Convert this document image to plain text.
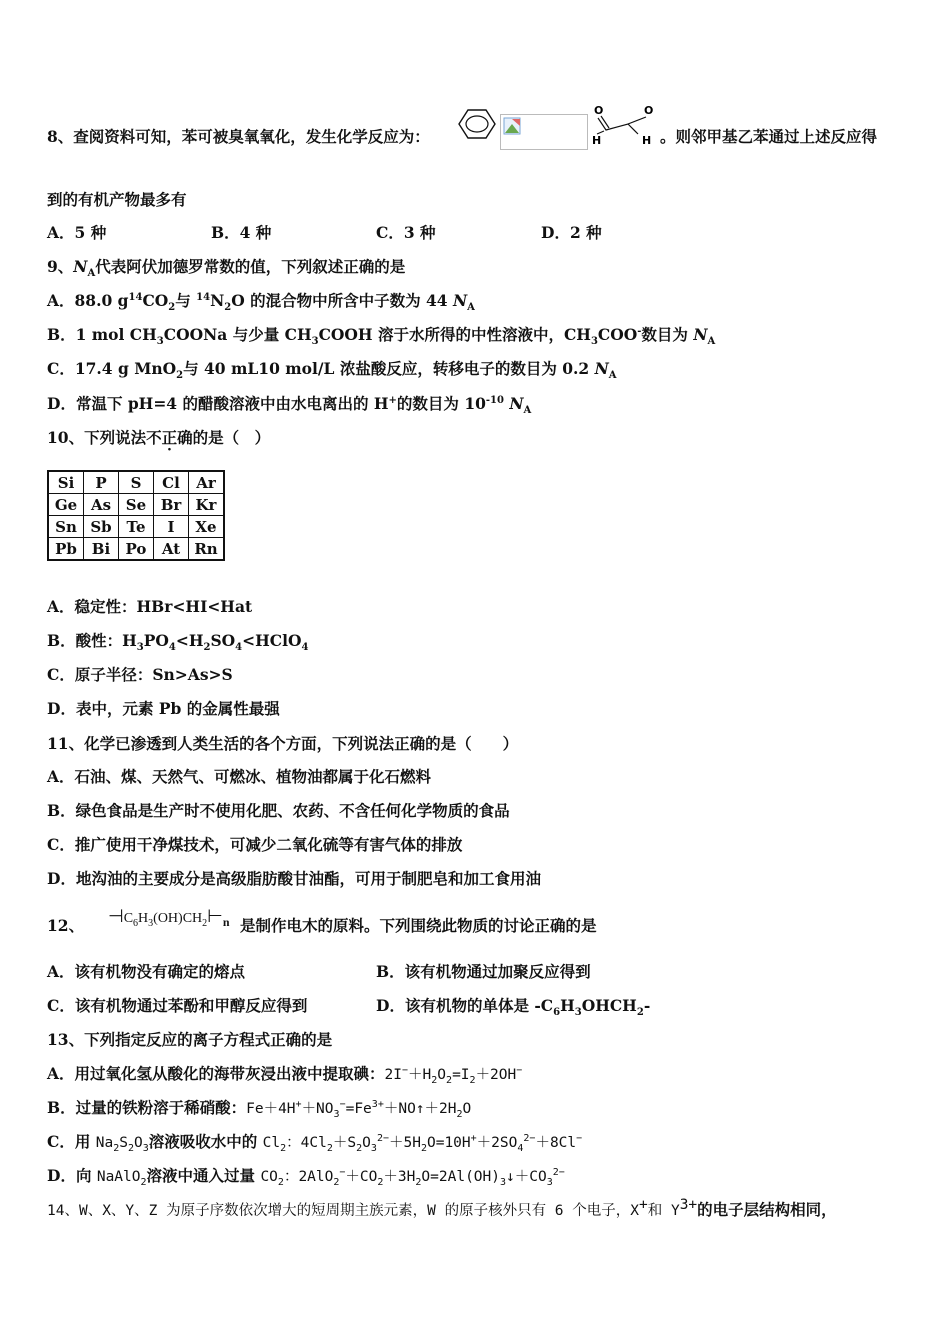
8、查阅资料可知，苯可被臭氧氧化，发生化学反应为：
O	O
H	H 。则邻甲基乙苯通过上述反应得
到的有机产物最多有
A．5 种	B．4 种	C．3 种	D．2 种
9、$N_A$代表阿伏加德罗常数的值，下列叙述正确的是
A．88.0 $g^{14}CO_2$与 $^{14}N_2O$ 的混合物中所含中子数为 44 $N_A$
B．1 mol $CH_3COONa$ 与少量 $CH_3COOH$ 溶于水所得的中性溶液中，$CH_3COO^-$数目为 $N_A$
C．17.4 g MnO$_2$与 40 mL10 mol/L 浓盐酸反应，转移电子的数目为 0.2 $N_A$
D．常温下 pH=4 的醋酸溶液中由水电离出的 H+的数目为 $10^{-10}$ $N_A$
10、下列说法不正确的是（　）
Si	P	S	Cl	Ar
Ge	As	Se	Br	Kr
Sn	Sb	Te	I	Xe
Pb	Bi	Po	At	Rn
A．稳定性：HBr<HI<Hat
B．酸性：$H_3PO_4<H_2SO_4<HClO_4$
C．原子半径：Sn>As>S
D．表中，元素 Pb 的金属性最强
11、化学已渗透到人类生活的各个方面，下列说法正确的是（　　）
A．石油、煤、天然气、可燃冰、植物油都属于化石燃料
B．绿色食品是生产时不使用化肥、农药、不含任何化学物质的食品
C．推广使用干净煤技术，可减少二氧化硫等有害气体的排放
D．地沟油的主要成分是高级脂肪酸甘油酯，可用于制肥皂和加工食用油
12、 $⊣C_6H_3(OH)CH_2⊢_n$ 是制作电木的原料。下列围绕此物质的讨论正确的是
A．该有机物没有确定的熔点	B．该有机物通过加聚反应得到
C．该有机物通过苯酚和甲醇反应得到	D．该有机物的单体是 $-C_6H_3OHCH_2-$
13、下列指定反应的离子方程式正确的是
A．用过氧化氢从酸化的海带灰浸出液中提取碘：$2I^-+H_2O_2=I_2+2OH^-$
B．过量的铁粉溶于稀硝酸：$Fe+4H^++NO_3^-=Fe^{3+}+NO↑+2H_2O$
C．用 $Na_2S_2O_3$溶液吸收水中的 $Cl_2$：$4Cl_2+S_2O_3^{2-}+5H_2O=10H^++2SO_4^{2-}+8Cl^-$
D．向 NaAlO$_2$溶液中通入过量 $CO_2$：$2AlO_2^-+CO_2+3H_2O=2Al(OH)_3↓+CO_3^{2-}$
14、W、X、Y、Z 为原子序数依次增大的短周期主族元素，W 的原子核外只有 6 个电子，X+和 $Y^{3+}$的电子层结构相同，
